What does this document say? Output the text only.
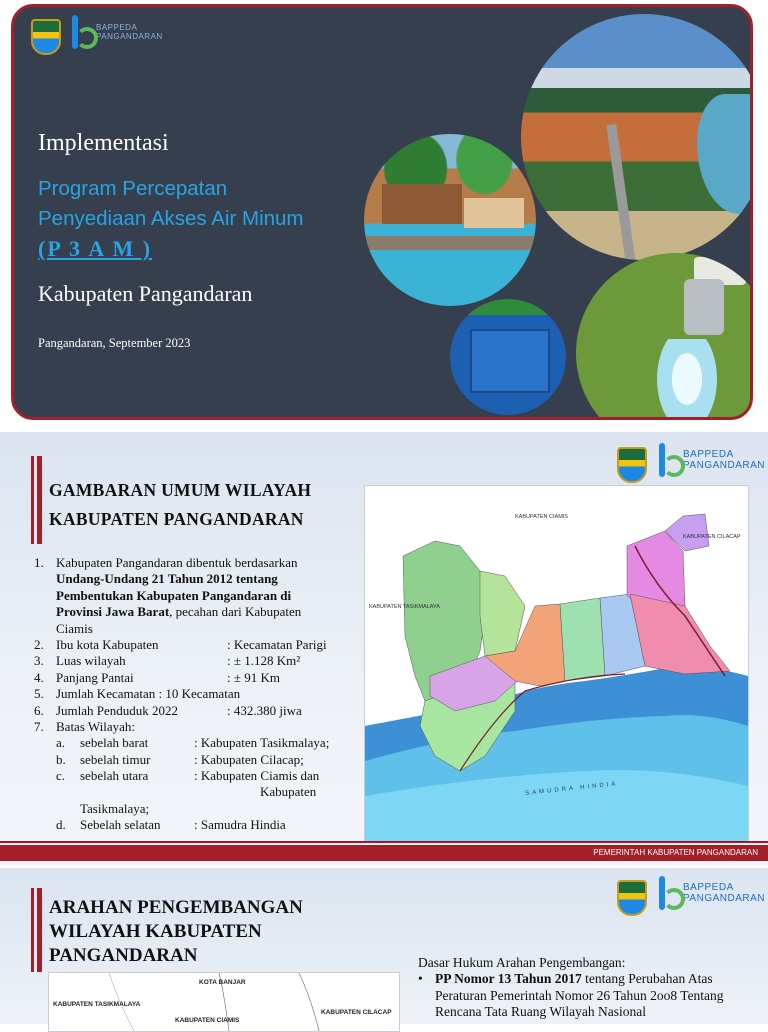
BAPPEDA
PANGANDARAN
Implementasi
Program Percepatan
Penyediaan Akses Air Minum
(P 3 A M )
Kabupaten Pangandaran
Pangandaran, September 2023
GAMBARAN UMUM WILAYAH
KABUPATEN PANGANDARAN
BAPPEDA
PANGANDARAN
1. Kabupaten Pangandaran dibentuk berdasarkan
Undang-Undang 21 Tahun 2012 tentang
Pembentukan Kabupaten Pangandaran di
Provinsi Jawa Barat, pecahan dari Kabupaten
Ciamis
2. Ibu kota Kabupaten	: Kecamatan Parigi
3. Luas wilayah	: ± 1.128 Km²
4. Panjang Pantai	: ± 91 Km
5. Jumlah Kecamatan : 10 Kecamatan
6. Jumlah Penduduk 2022	: 432.380 jiwa
7. Batas Wilayah:
a. sebelah barat	: Kabupaten Tasikmalaya;
b. sebelah timur	: Kabupaten Cilacap;
c. sebelah utara	: Kabupaten Ciamis dan
Kabupaten
Tasikmalaya;
d. Sebelah selatan	: Samudra Hindia
KABUPATEN CIAMIS
KABUPATEN CILACAP
KABUPATEN TASIKMALAYA
SAMUDRA HINDIA
PEMERINTAH KABUPATEN PANGANDARAN
ARAHAN PENGEMBANGAN
WILAYAH KABUPATEN
PANGANDARAN
BAPPEDA
PANGANDARAN
KOTA BANJAR
KABUPATEN TASIKMALAYA
KABUPATEN CILACAP
KABUPATEN CIAMIS
Dasar Hukum Arahan Pengembangan:
• PP Nomor 13 Tahun 2017 tentang Perubahan Atas Peraturan Pemerintah Nomor 26 Tahun 2oo8 Tentang Rencana Tata Ruang Wilayah Nasional
